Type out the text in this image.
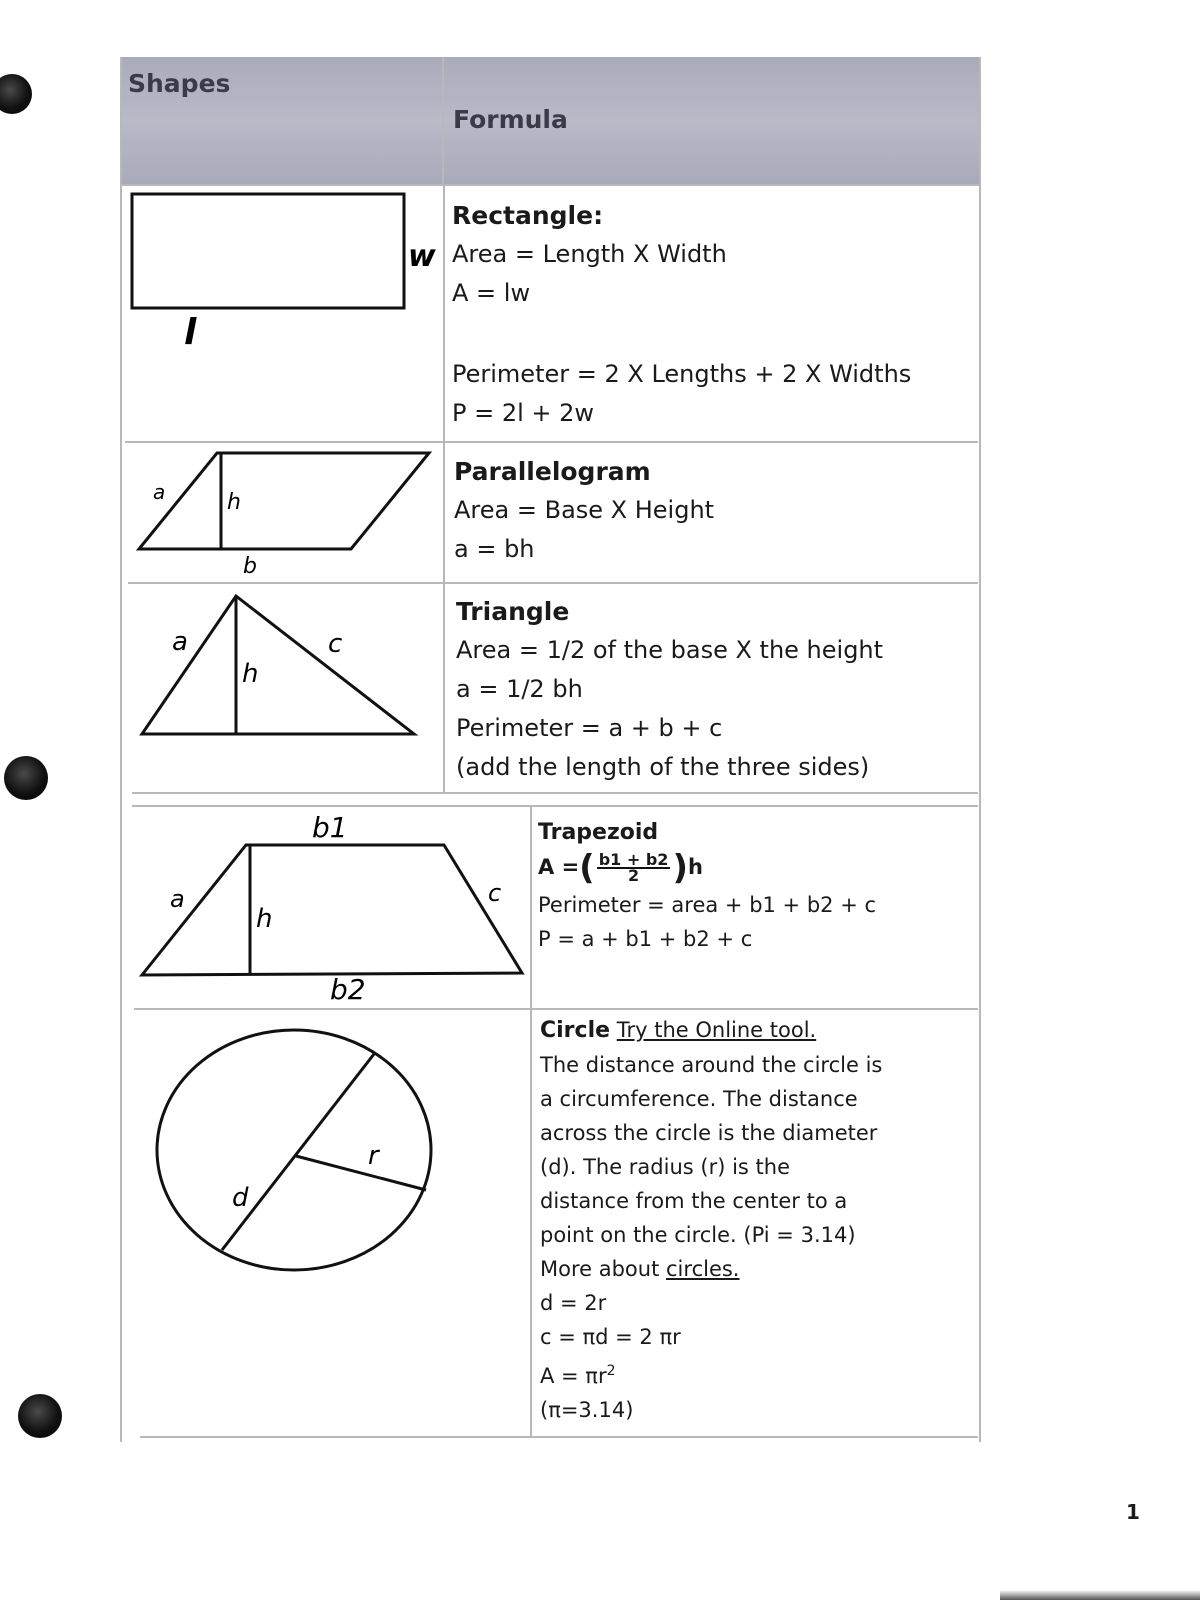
Shapes
Formula
w
l
Rectangle:
Area = Length X Width
A = lw
Perimeter = 2 X Lengths + 2 X Widths
P = 2l + 2w
a	h
b
Parallelogram
Area = Base X Height
a = bh
a
h
c
Triangle
Area = 1/2 of the base X the height
a = 1/2 bh
Perimeter = a + b + c
(add the length of the three sides)
b1
a
h
c
b2
Trapezoid
A =( $\frac{b1 + b2}{2} )h$
Perimeter = area + b1 + b2 + c
P = a + b1 + b2 + c
d
r
Circle Try the Online tool.
The distance around the circle is
a circumference. The distance
across the circle is the diameter
(d). The radius (r) is the
distance from the center to a
point on the circle. (Pi = 3.14)
More about circles.
d = 2r
c = πd = 2 πr
$A = \pi r^2$
(π=3.14)
1
